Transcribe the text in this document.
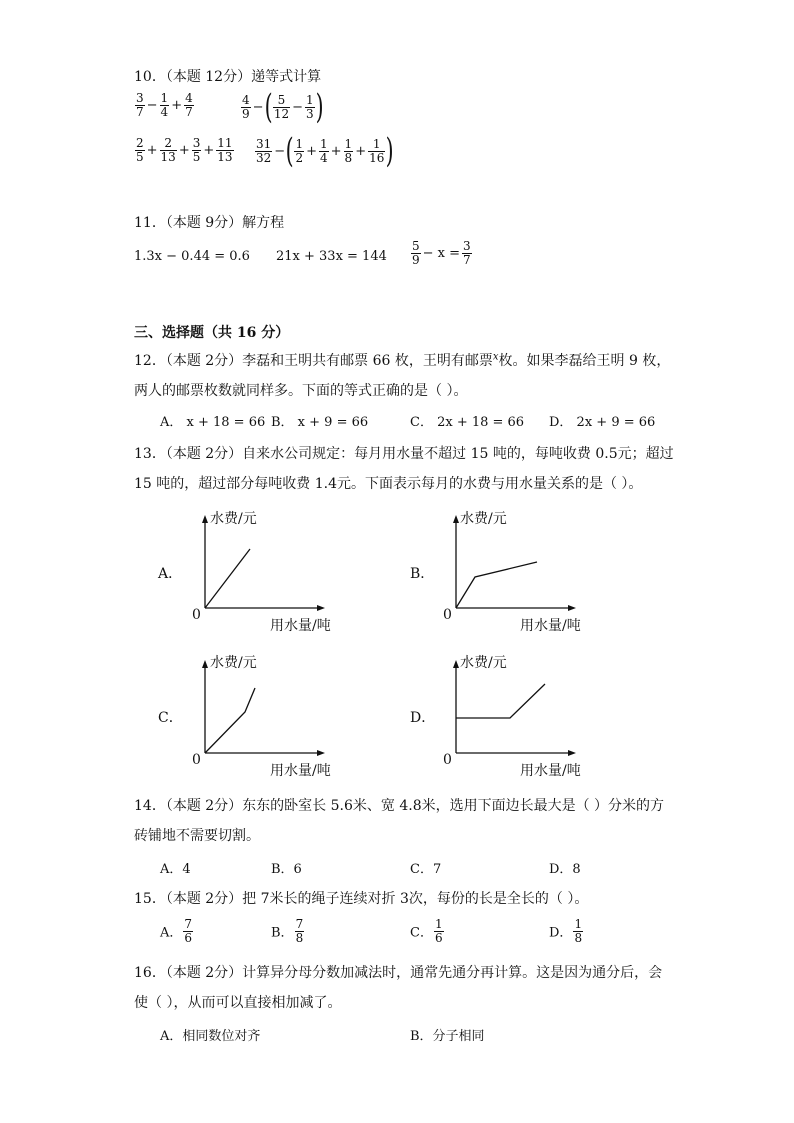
10．（本题 12分）递等式计算
$\frac{3}{7} - \frac{1}{4} + \frac{4}{7}$	$\frac{4}{9}$ −( $\frac{5}{12} - \frac{1}{3}$ )
$\frac{2}{5} + \frac{2}{13} + \frac{3}{5} + \frac{11}{13} \frac{31}{32}$ −( $\frac{1}{2} + \frac{1}{4} + \frac{1}{8} + \frac{1}{16}$ )
11．（本题 9分）解方程
1.3x − 0.44 = 0.6 $21x + 33x = 144 \frac{5}{9} - x = \frac{3}{7}$
三、选择题（共 16 分）
12．（本题 2分）李磊和王明共有邮票 66 枚，王明有邮票$^x$枚。如果李磊给王明 9 枚，
两人的邮票枚数就同样多。下面的等式正确的是（ ）。
A． x + 18 = 66 B． x + 9 = 66	C． 2x + 18 = 66 D． 2x + 9 = 66
13．（本题 2分）自来水公司规定：每月用水量不超过 15 吨的，每吨收费 0.5元；超过
15 吨的，超过部分每吨收费 1.4元。下面表示每月的水费与用水量关系的是（ ）。
A．
水费/元
用水量/吨
0
B．
水费/元
用水量/吨
0
C．
水费/元
用水量/吨
0
D．
水费/元
用水量/吨
0
14．（本题 2分）东东的卧室长 5.6米、宽 4.8米，选用下面边长最大是（ ）分米的方
砖铺地不需要切割。
A．4	B．6	C．7	D．8
15．（本题 2分）把 7米长的绳子连续对折 3次，每份的长是全长的（ ）。
A． $\frac{7}{6}$	B． $\frac{7}{8}$	C． $\frac{1}{6}$	D． $\frac{1}{8}$
16．（本题 2分）计算异分母分数加减法时，通常先通分再计算。这是因为通分后，会
使（ ），从而可以直接相加减了。
A．相同数位对齐	B．分子相同
